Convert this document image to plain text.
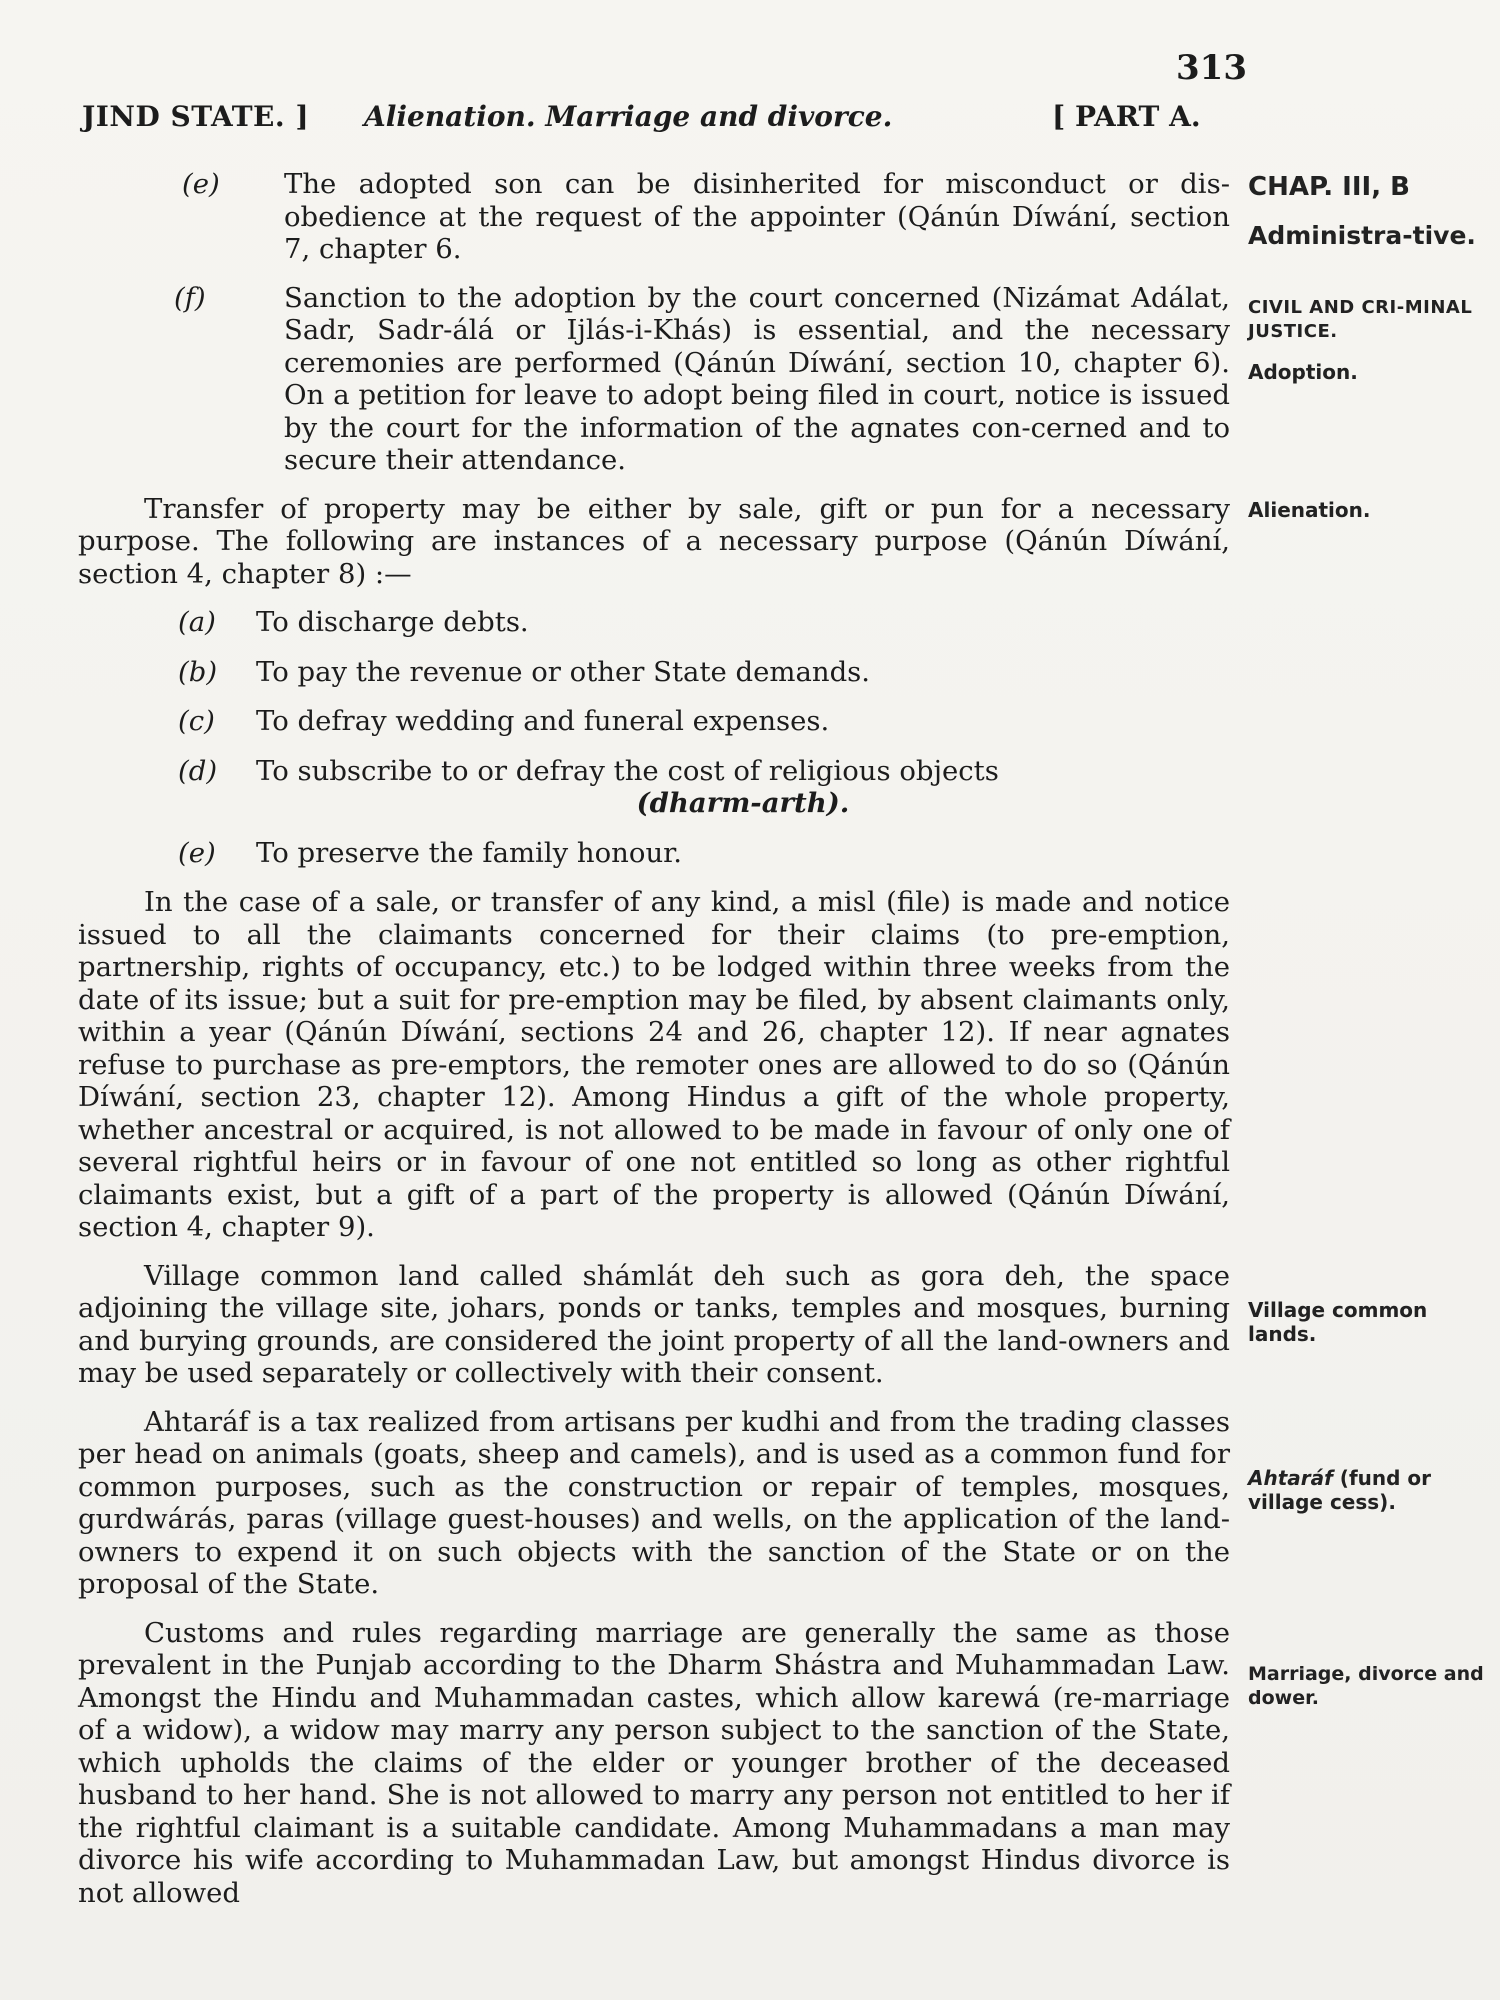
313
JIND STATE. ] Alienation. Marriage and divorce.	[ PART A.
(e) The adopted son can be disinherited for misconduct or dis-obedience at the request of the appointer (Qánún Díwání, section 7, chapter 6.
(f)	Sanction to the adoption by the court concerned (Nizámat Adálat, Sadr, Sadr-álá or Ijlás-i-Khás) is essential, and the necessary ceremonies are performed (Qánún Díwání, section 10, chapter 6). On a petition for leave to adopt being filed in court, notice is issued by the court for the information of the agnates con-cerned and to secure their attendance.

Transfer of property may be either by sale, gift or pun for a necessary purpose. The following are instances of a necessary purpose (Qánún Díwání, section 4, chapter 8) :—

(a) To discharge debts.
(b) To pay the revenue or other State demands.
(c) To defray wedding and funeral expenses.
(d) To subscribe to or defray the cost of religious objects
(dharm-arth).
(e) To preserve the family honour.

In the case of a sale, or transfer of any kind, a misl (file) is made and notice issued to all the claimants concerned for their claims (to pre-emption, partnership, rights of occupancy, etc.) to be lodged within three weeks from the date of its issue; but a suit for pre-emption may be filed, by absent claimants only, within a year (Qánún Díwání, sections 24 and 26, chapter 12). If near agnates refuse to purchase as pre-emptors, the remoter ones are allowed to do so (Qánún Díwání, section 23, chapter 12). Among Hindus a gift of the whole property, whether ancestral or acquired, is not allowed to be made in favour of only one of several rightful heirs or in favour of one not entitled so long as other rightful claimants exist, but a gift of a part of the property is allowed (Qánún Díwání, section 4, chapter 9).

Village common land called shámlát deh such as gora deh, the space adjoining the village site, johars, ponds or tanks, temples and mosques, burning and burying grounds, are considered the joint property of all the land-owners and may be used separately or collectively with their consent.

Ahtaráf is a tax realized from artisans per kudhi and from the trading classes per head on animals (goats, sheep and camels), and is used as a common fund for common purposes, such as the construction or repair of temples, mosques, gurdwárás, paras (village guest-houses) and wells, on the application of the land-owners to expend it on such objects with the sanction of the State or on the proposal of the State.

Customs and rules regarding marriage are generally the same as those prevalent in the Punjab according to the Dharm Shástra and Muhammadan Law. Amongst the Hindu and Muhammadan castes, which allow karewá (re-marriage of a widow), a widow may marry any person subject to the sanction of the State, which upholds the claims of the elder or younger brother of the deceased husband to her hand. She is not allowed to marry any person not entitled to her if the rightful claimant is a suitable candidate. Among Muhammadans a man may divorce his wife according to Muhammadan Law, but amongst Hindus divorce is not allowed

CHAP. III, B
Administra-tive.
CIVIL AND CRI-MINAL JUSTICE.
Adoption.
Alienation.
Village common lands.
Ahtaráf (fund or village cess).
Marriage, divorce and dower.
